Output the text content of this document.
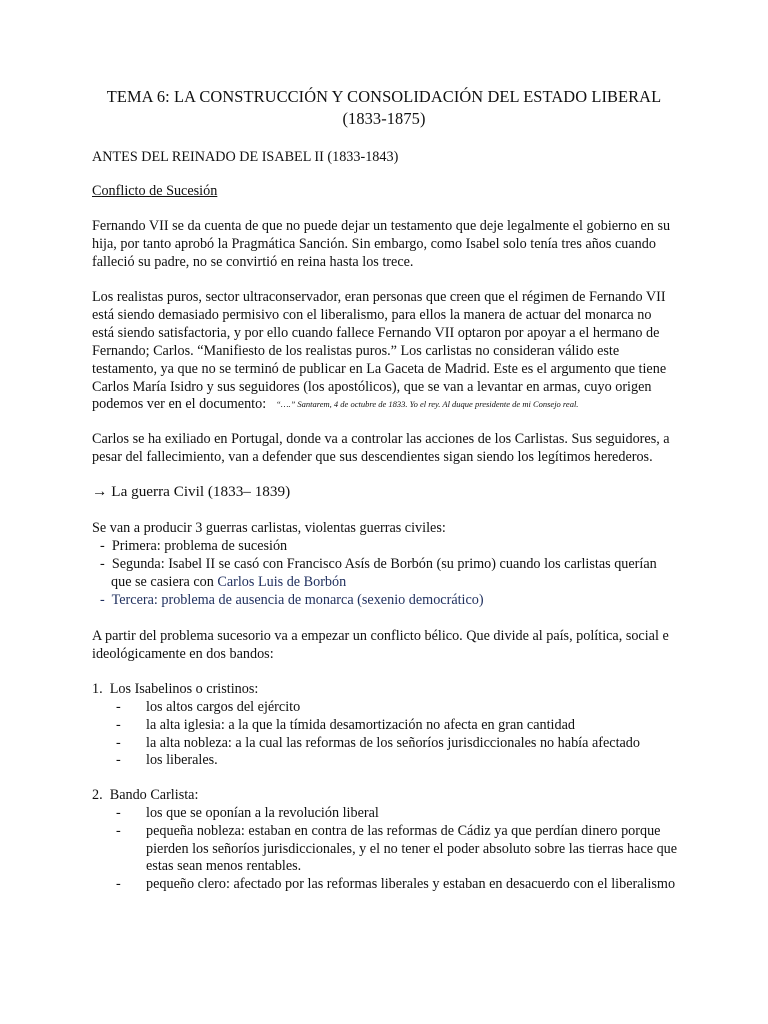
TEMA 6: LA CONSTRUCCIÓN Y CONSOLIDACIÓN DEL ESTADO LIBERAL
(1833-1875)
ANTES DEL REINADO DE ISABEL II (1833-1843)
Conflicto de Sucesión
Fernando VII se da cuenta de que no puede dejar un testamento que deje legalmente el gobierno en su
hija, por tanto aprobó la Pragmática Sanción. Sin embargo, como Isabel solo tenía tres años cuando
falleció su padre, no se convirtió en reina hasta los trece.
Los realistas puros, sector ultraconservador, eran personas que creen que el régimen de Fernando VII
está siendo demasiado permisivo con el liberalismo, para ellos la manera de actuar del monarca no
está siendo satisfactoria, y por ello cuando fallece Fernando VII optaron por apoyar a el hermano de
Fernando; Carlos. “Manifiesto de los realistas puros.” Los carlistas no consideran válido este
testamento, ya que no se terminó de publicar en La Gaceta de Madrid. Este es el argumento que tiene
Carlos María Isidro y sus seguidores (los apostólicos), que se van a levantar en armas, cuyo origen
podemos ver en el documento: “….” Santarem, 4 de octubre de 1833. Yo el rey. Al duque presidente de mi Consejo real.
Carlos se ha exiliado en Portugal, donde va a controlar las acciones de los Carlistas. Sus seguidores, a
pesar del fallecimiento, van a defender que sus descendientes sigan siendo los legítimos herederos.
→ La guerra Civil (1833– 1839)
Se van a producir 3 guerras carlistas, violentas guerras civiles:
- Primera: problema de sucesión
- Segunda: Isabel II se casó con Francisco Asís de Borbón (su primo) cuando los carlistas querían
que se casiera con Carlos Luis de Borbón
- Tercera: problema de ausencia de monarca (sexenio democrático)
A partir del problema sucesorio va a empezar un conflicto bélico. Que divide al país, política, social e
ideológicamente en dos bandos:
1. Los Isabelinos o cristinos:
- los altos cargos del ejército
- la alta iglesia: a la que la tímida desamortización no afecta en gran cantidad
- la alta nobleza: a la cual las reformas de los señoríos jurisdiccionales no había afectado
- los liberales.
2. Bando Carlista:
- los que se oponían a la revolución liberal
- pequeña nobleza: estaban en contra de las reformas de Cádiz ya que perdían dinero porque
pierden los señoríos jurisdiccionales, y el no tener el poder absoluto sobre las tierras hace que
estas sean menos rentables.
- pequeño clero: afectado por las reformas liberales y estaban en desacuerdo con el liberalismo
